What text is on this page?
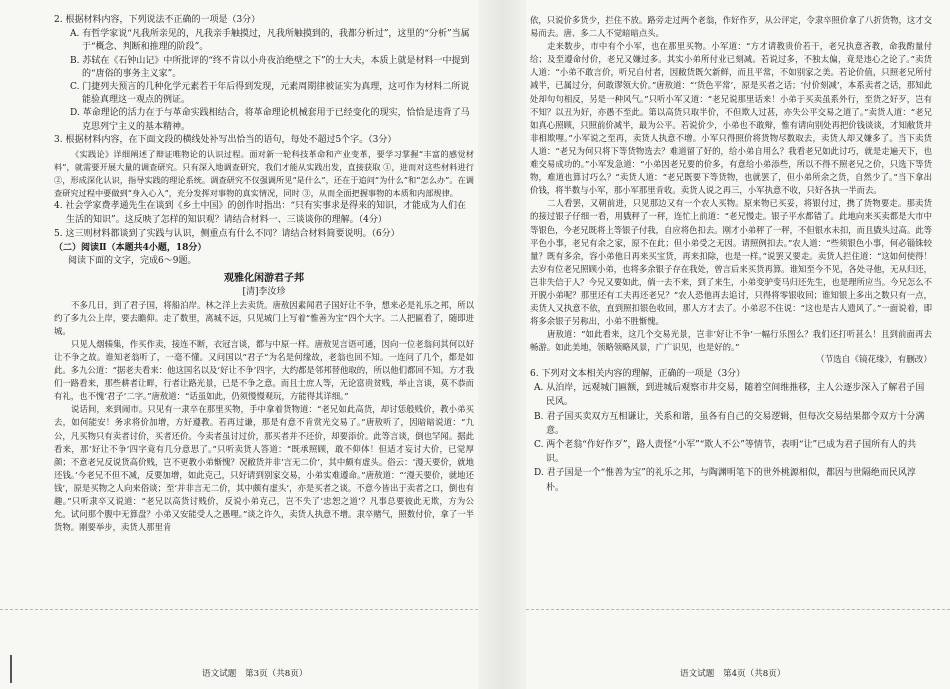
2. 根据材料内容，下列说法不正确的一项是（3分）

A. 有哲学家说“凡我所亲见的，凡我亲手触摸过，凡我所触摸到的，我都分析过”，这里的“分析”当属于“概念、判断和推理的阶段”。

B. 苏轼在《石钟山记》中所批评的“终不肯以小舟夜泊绝壁之下”的士大夫，本质上就是材料一中提到的“唐俗的事务主义家”。

C. 门捷列夫预言的几种化学元素若干年后得到发现，元素周期律被证实为真理，这可作为材料二所说能验真理这一观点的例证。

D. 革命理论的活力在于与革命实践相结合，将革命理论机械套用于已经变化的现实，恰恰是违背了马克思列宁主义的基本精神。

3. 根据材料内容，在下面文段的横线处补写出恰当的语句，每处不超过5个字。（3分）

《实践论》详细阐述了辩证唯物论的认识过程。面对新一轮科技革命和产业变革，要学习掌握“丰富的感觉材料”，就需要开展大量的调查研究。只有深入地调查研究，我们才能从实践出发，直接获取 ①，进而对这些材料进行 ②，形成深化认识，指导实践的理论系统。调查研究不仅强调所见“是什么”，还在于追问“为什么”和“怎么办”。在调查研究过程中要做到“身入心入”，充分发挥对事物的真实情况，同时 ③，从而全面把握事物的本质和内部规律。

4. 社会学家费孝通先生在谈到《乡土中国》的创作时指出：“只有实事求是得来的知识，才能成为人们在生活的知识”。这反映了怎样的知识观？请结合材料一、三谈谈你的理解。（4分）

5. 这三则材料都谈到了实践与认识，侧重点有什么不同？请结合材料简要说明。（6分）

（二）阅读Ⅱ（本题共4小题，18分）

阅读下面的文字，完成6～9题。

观雅化闲游君子邦

[清]李汝珍

不多几日，到了君子国，将船泊岸。林之洋上去卖货。唐敖因素闻君子国好让不争，想来必是礼乐之邦，所以约了多九公上岸，要去瞻仰。走了数里，离城不远，只见城门上写着“惟善为宝”四个大字。二人把匾看了，随即进城。

只见人烟辏集，作买作卖，接连不断，衣冠言谈，都与中原一样。唐敖见言语可通，因向一位老翁问其何以好让不争之故。谁知老翁听了，一毫不懂。又问国以“君子”为名是何缘故，老翁也回不知。一连问了几个，都是如此。多九公道：“据老夫看来：他这国名以及‘好让不争’四字，大约都是邻邦替他取的，所以他们都回不知。方才我们一路看来，那些耕者让畔，行者让路光景，已是不争之意。而且士庶人等，无论富贵贫贱，举止言谈，莫不恭而有礼，也不愧‘君子’二字。”唐敖道：“话虽如此，仍须慢慢观玩，方能得其详细。”

说话间，来到闹市。只见有一隶卒在那里买物，手中拿着货物道：“老兄如此高货，却讨恁般贱价，教小弟买去，如何能安！务求将价加增，方好遵教。若再过谦，那是有意不肯赏光交易了。”唐敖听了，因暗暗说道：“九公，凡买物只有卖者讨价，买者还价。今卖者虽讨过价，那买者并不还价，却要添价。此等言谈，倒也罕闻。据此看来，那‘好让不争’四字竟有几分意思了。”只听卖货人答道：“既承照顾，敢不仰体！但适才妄讨大价，已觉厚颜；不意老兄反说货高价贱，岂不更教小弟惭愧？况敝货并非‘言无二价’，其中颇有虚头。俗云：‘漫天要价，就地还钱。’今老兄不但不减，反要加增，如此克己，只好请到别家交易，小弟实难遵命。”唐敖道：“‘漫天要价，就地还钱’，原是买物之人向来俗谈；至‘并非言无二价，其中颇有虚头’，亦是买者之谈。不意今皆出于卖者之口，倒也有趣。”只听隶卒又说道：“老兄以高货讨贱价，反说小弟克己，岂不失了‘忠恕之道’？凡事总要彼此无欺，方为公允。试问那个腹中无算盘？小弟又安能受人之愚哩。”谈之许久，卖货人执意不增。隶卒赌气，照数付价，拿了一半货物。刚要举步，卖货人那里肯

语文试题　第3页（共8页）

依，只说价多货少，拦住不放。路旁走过两个老翁，作好作歹，从公评定，令隶卒照价拿了八折货物，这才交易而去。唐、多二人不觉暗暗点头。

走来数步，市中有个小军，也在那里买物。小军道：“方才请教贵价若干，老兄执意吝教，命我酌量付给；及至遵命付价，老兄又嫌过多。其实小弟所付业已刻减。若说过多，不独太偏，竟是违心之论了。”卖货人道：“小弟不敢言价，听兄自付者，因敝货既欠新鲜，而且平常，不如别家之美。若论价值，只照老兄所付减半，已属过分，何敢谬领大价。”唐敖道：“‘货色平常’，原是买者之话；‘付价刻减’，本系卖者之话，那知此处却句句相反，另是一种风气。”只听小军又道：“老兄说那里话来！小弟于买卖虽系外行，至货之好歹，岂有不知？以丑为好，亦愚不至此。第以高货只取半价，不但欺人过甚，亦失公平交易之道了。”卖货人道：“老兄如真心照顾，只照前价减半，最为公平。若说价少，小弟也不敢辩，惟有请向别处再把价钱谈谈，才知敝货并非相欺哩。”小军说之至再，卖货人执意不增。小军只得照价将货物尽数取去，卖货人却又嫌多了。当下卖货人道：“老兄为何只将下等货物选去？难道留了好的，给小弟自用么？我看老兄如此讨巧，就是走遍天下，也难交易成功的。”小军发急道：“小弟因老兄要的价多，有意给小弟添些，所以不得不照老兄之价，只选下等货物，难道也算讨巧么？”卖货人道：“老兄既要下等货物，也就罢了，但小弟所余之货，自然少了。”当下拿出价钱，将半数与小军，那小军那里肯收。卖货人说之再三，小军执意不收，只好各执一半而去。

二人看罢，又朝前进，只见那边又有一个农人买物。原来物已买妥，将银付过，携了货物要走。那卖货的接过银子仔细一看，用戥秤了一秤，连忙上前道：“老兄慢走。银子平水都错了。此地向来买卖都是大市中等银色，今老兄既将上等银子付我，自应将色扣去。刚才小弟秤了一秤，不但银水未扣，而且戥头过高。此等平色小事，老兄有余之家，原不在此；但小弟受之无因。请照例扣去。”农人道：“些须银色小事，何必锱铢较量？既有多余，容小弟他日再来买宝货，再来扣除，也是一样。”说罢又要走。卖货人拦住道：“这如何使得！去岁有位老兄照顾小弟，也将多余银子存在我处，曾言后来买货再算。谁知至今不见，各处寻他，无从归还，岂非失信于人？今兄又要如此，倘一去不来，到了来生，小弟变驴变马归还先生，也是理所应当。今兄怎么不开脱小弟呢？那里还有工夫再还老兄？”农人恐他再去追讨，只得将零银收回；谁知银上多出之数只有一点，卖货人又执意不依，直到照扣银色收回，那人方才去了。小弟忍不住说：“这也是古人遗风了。”一面说着，即将多余银子另称出，小弟不胜惭愧。

唐敖道：“如此看来，这几个交易光景，岂非‘好让不争’一幅行乐图么？我们还打听甚么！且到前面再去畅游。如此美地，领略领略风景，广广识见，也是好的。”

（节选自《镜花缘》，有删改）

6. 下列对文本相关内容的理解，正确的一项是（3分）

A. 从泊岸，远观城门匾额，到进城后观察市井交易，随着空间维推移，主人公逐步深入了解君子国民风。

B. 君子国买卖双方互相谦让，关系和谐，虽各有自己的交易逻辑，但每次交易结果都令双方十分满意。

C. 两个老翁“作好作歹”，路人责怪“小军”“欺人不公”等情节，表明“让”已成为君子国所有人的共识。

D. 君子国是一个“惟善为宝”的礼乐之邦，与陶渊明笔下的世外桃源相似，都因与世隔绝而民风淳朴。

语文试题　第4页（共8页）
